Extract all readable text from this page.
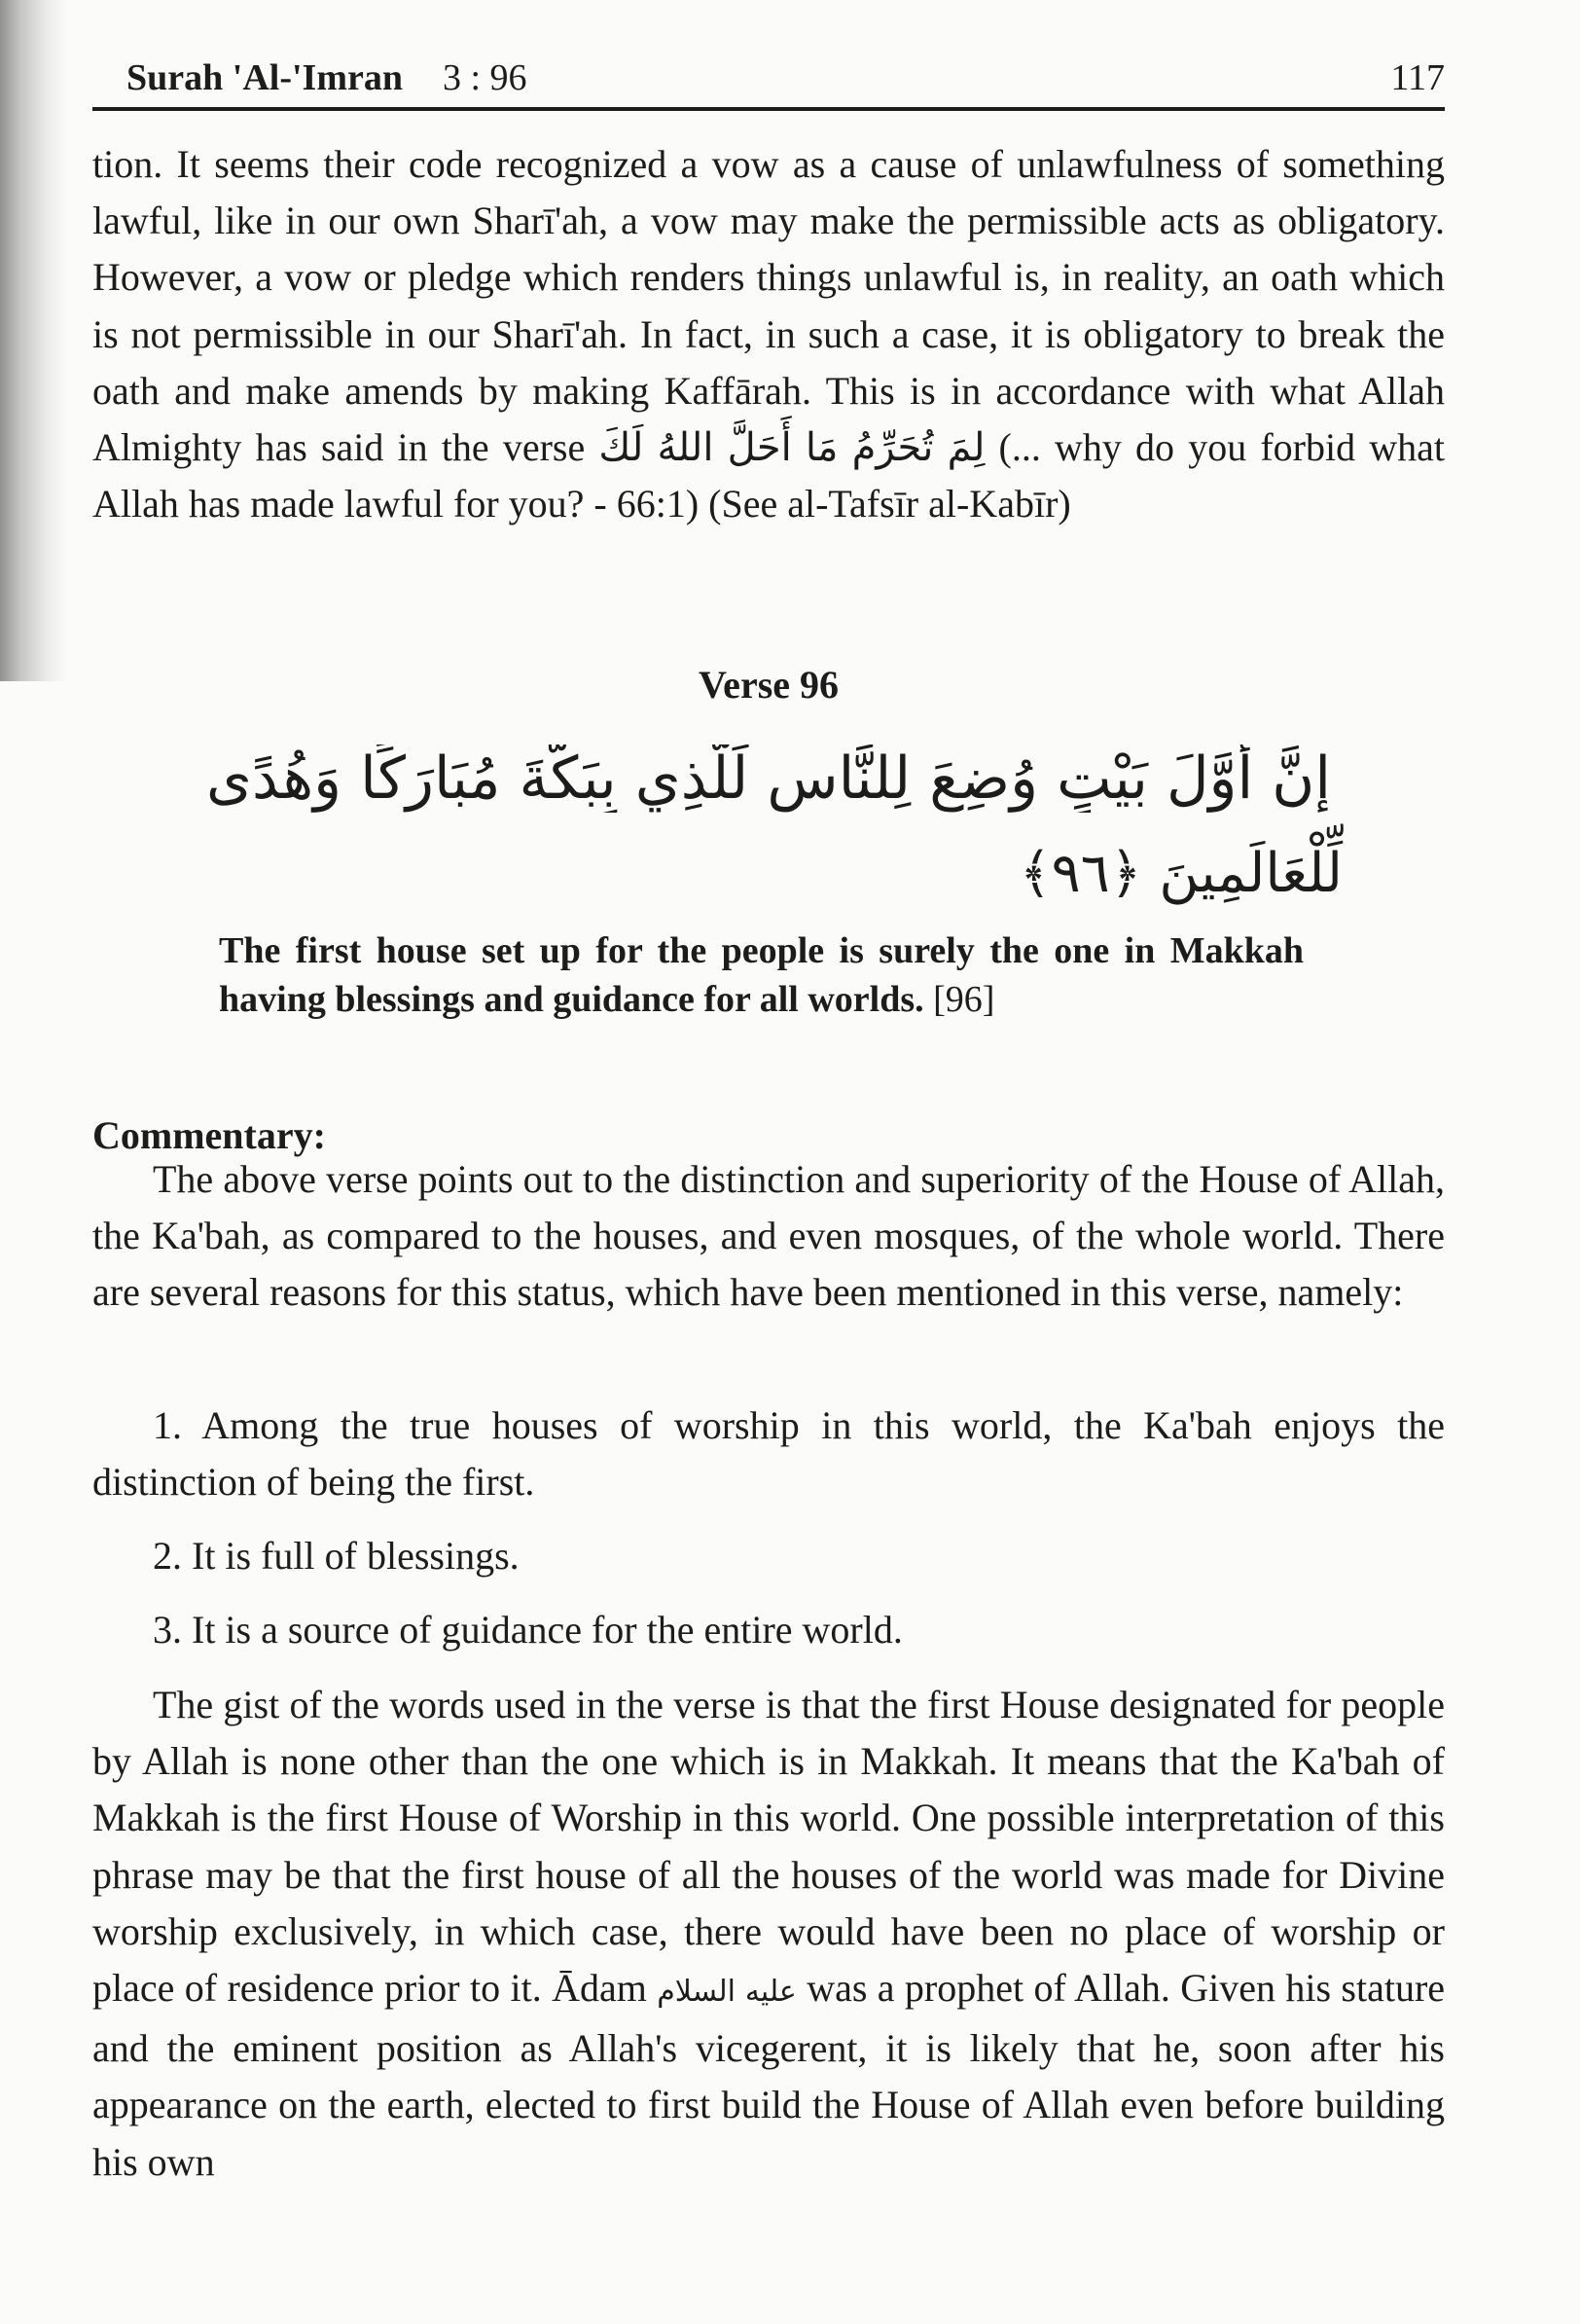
Surah 'Al-'Imran 3 : 96	117

tion. It seems their code recognized a vow as a cause of unlawfulness of something lawful, like in our own Sharī'ah, a vow may make the permissible acts as obligatory. However, a vow or pledge which renders things unlawful is, in reality, an oath which is not permissible in our Sharī'ah. In fact, in such a case, it is obligatory to break the oath and make amends by making Kaffārah. This is in accordance with what Allah Almighty has said in the verse لِمَ تُحَرِّمُ مَا أَحَلَّ اللهُ لَكَ (... why do you forbid what Allah has made lawful for you? - 66:1) (See al-Tafsīr al-Kabīr)

Verse 96
إِنَّ أَوَّلَ بَيْتٍ وُضِعَ لِلنَّاسِ لَلَّذِي بِبَكَّةَ مُبَارَكًا وَهُدًى
لِّلْعَالَمِينَ ﴿٩٦﴾

The first house set up for the people is surely the one in Makkah having blessings and guidance for all worlds. [96]

Commentary:

The above verse points out to the distinction and superiority of the House of Allah, the Ka'bah, as compared to the houses, and even mosques, of the whole world. There are several reasons for this status, which have been mentioned in this verse, namely:

1. Among the true houses of worship in this world, the Ka'bah enjoys the distinction of being the first.

2. It is full of blessings.

3. It is a source of guidance for the entire world.

The gist of the words used in the verse is that the first House designated for people by Allah is none other than the one which is in Makkah. It means that the Ka'bah of Makkah is the first House of Worship in this world. One possible interpretation of this phrase may be that the first house of all the houses of the world was made for Divine worship exclusively, in which case, there would have been no place of worship or place of residence prior to it. Ādam عليه السلام was a prophet of Allah. Given his stature and the eminent position as Allah's vicegerent, it is likely that he, soon after his appearance on the earth, elected to first build the House of Allah even before building his own
